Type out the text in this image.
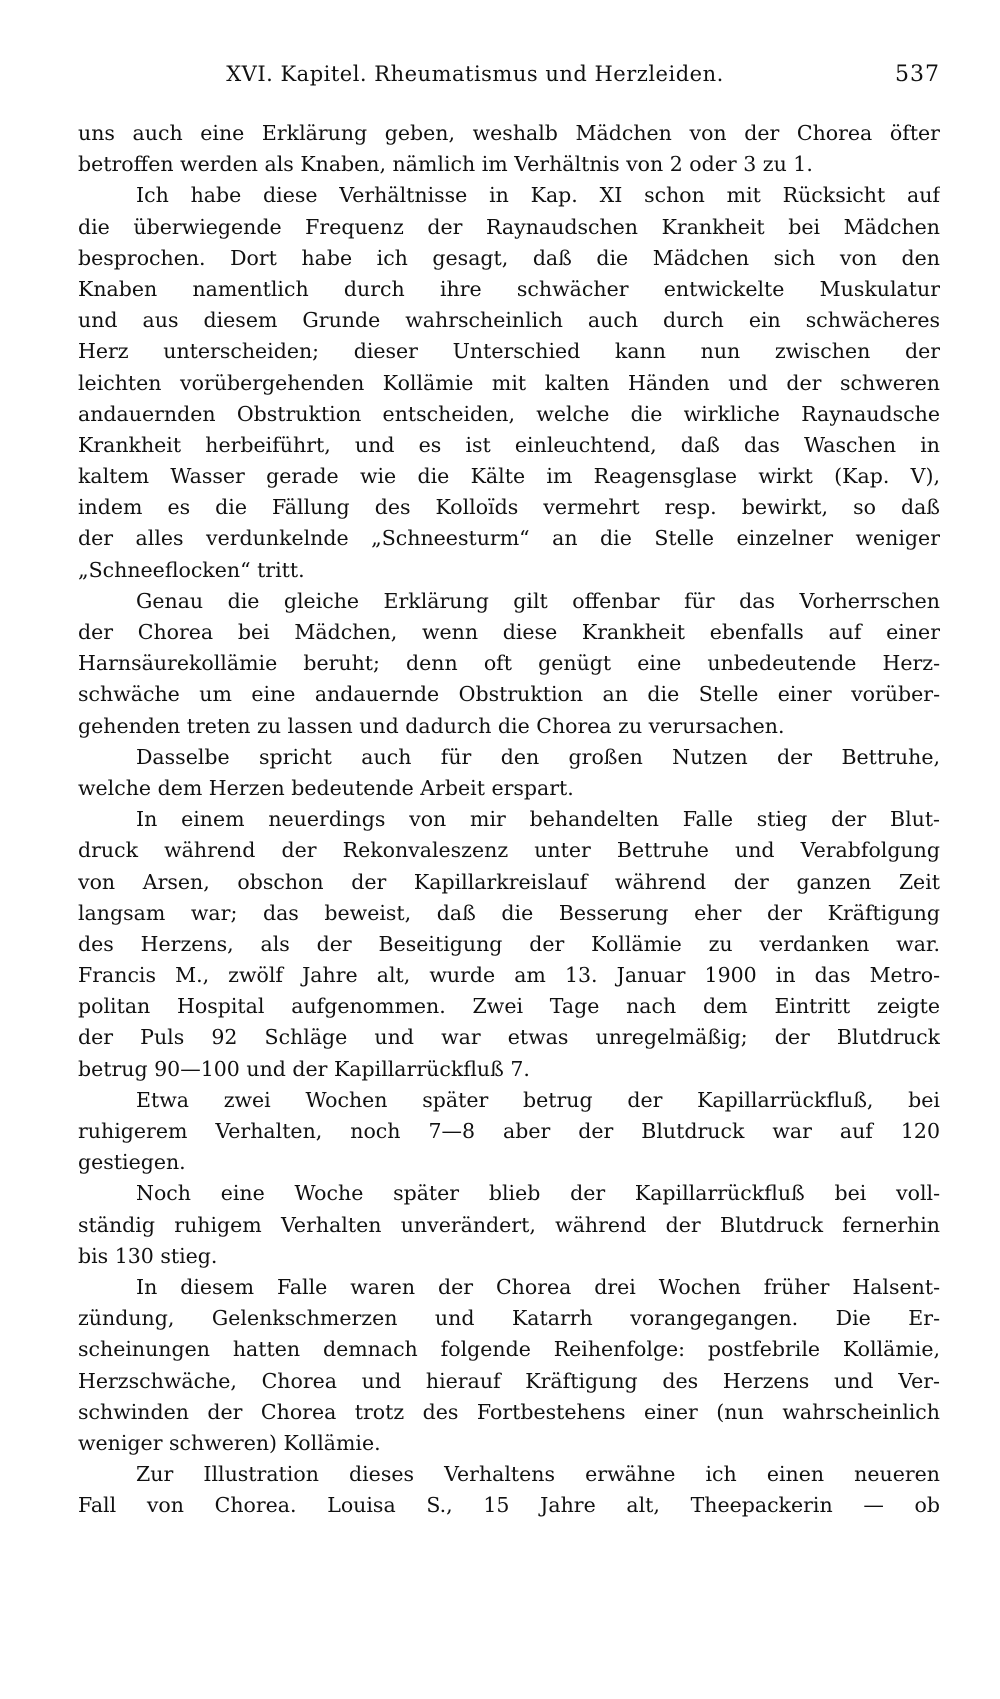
XVI. Kapitel. Rheumatismus und Herzleiden.	537
uns auch eine Erklärung geben, weshalb Mädchen von der Chorea öfter
betroffen werden als Knaben, nämlich im Verhältnis von 2 oder 3 zu 1.
Ich habe diese Verhältnisse in Kap. XI schon mit Rücksicht auf
die überwiegende Frequenz der Raynaudschen Krankheit bei Mädchen
besprochen. Dort habe ich gesagt, daß die Mädchen sich von den
Knaben namentlich durch ihre schwächer entwickelte Muskulatur
und aus diesem Grunde wahrscheinlich auch durch ein schwächeres
Herz unterscheiden; dieser Unterschied kann nun zwischen der
leichten vorübergehenden Kollämie mit kalten Händen und der schweren
andauernden Obstruktion entscheiden, welche die wirkliche Raynaudsche
Krankheit herbeiführt, und es ist einleuchtend, daß das Waschen in
kaltem Wasser gerade wie die Kälte im Reagensglase wirkt (Kap. V),
indem es die Fällung des Kolloïds vermehrt resp. bewirkt, so daß
der alles verdunkelnde „Schneesturm“ an die Stelle einzelner weniger
„Schneeflocken“ tritt.
Genau die gleiche Erklärung gilt offenbar für das Vorherrschen
der Chorea bei Mädchen, wenn diese Krankheit ebenfalls auf einer
Harnsäurekollämie beruht; denn oft genügt eine unbedeutende Herz-
schwäche um eine andauernde Obstruktion an die Stelle einer vorüber-
gehenden treten zu lassen und dadurch die Chorea zu verursachen.
Dasselbe spricht auch für den großen Nutzen der Bettruhe,
welche dem Herzen bedeutende Arbeit erspart.
In einem neuerdings von mir behandelten Falle stieg der Blut-
druck während der Rekonvaleszenz unter Bettruhe und Verabfolgung
von Arsen, obschon der Kapillarkreislauf während der ganzen Zeit
langsam war; das beweist, daß die Besserung eher der Kräftigung
des Herzens, als der Beseitigung der Kollämie zu verdanken war.
Francis M., zwölf Jahre alt, wurde am 13. Januar 1900 in das Metro-
politan Hospital aufgenommen. Zwei Tage nach dem Eintritt zeigte
der Puls 92 Schläge und war etwas unregelmäßig; der Blutdruck
betrug 90—100 und der Kapillarrückfluß 7.
Etwa zwei Wochen später betrug der Kapillarrückfluß, bei
ruhigerem Verhalten, noch 7—8 aber der Blutdruck war auf 120
gestiegen.
Noch eine Woche später blieb der Kapillarrückfluß bei voll-
ständig ruhigem Verhalten unverändert, während der Blutdruck fernerhin
bis 130 stieg.
In diesem Falle waren der Chorea drei Wochen früher Halsent-
zündung, Gelenkschmerzen und Katarrh vorangegangen. Die Er-
scheinungen hatten demnach folgende Reihenfolge: postfebrile Kollämie,
Herzschwäche, Chorea und hierauf Kräftigung des Herzens und Ver-
schwinden der Chorea trotz des Fortbestehens einer (nun wahrscheinlich
weniger schweren) Kollämie.
Zur Illustration dieses Verhaltens erwähne ich einen neueren
Fall von Chorea. Louisa S., 15 Jahre alt, Theepackerin — ob
